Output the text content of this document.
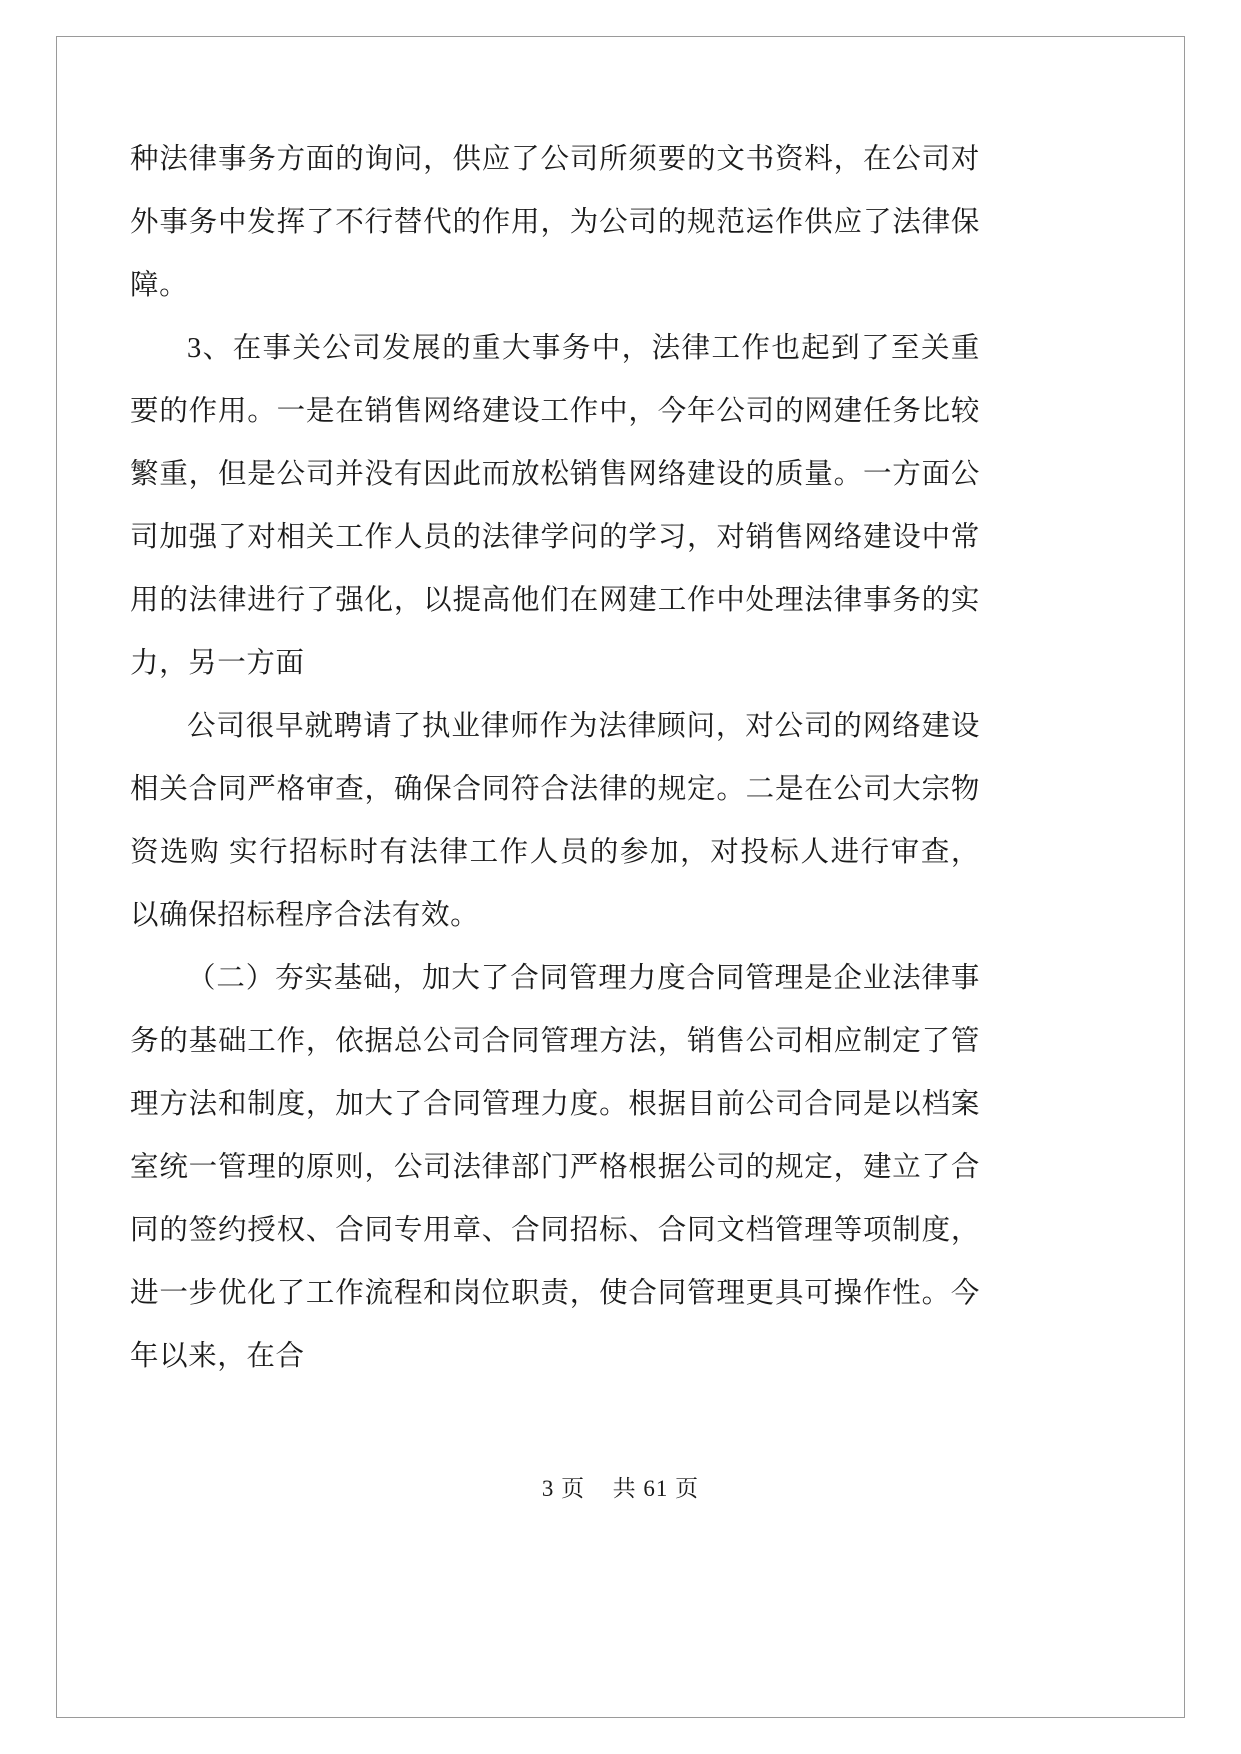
种法律事务方面的询问，供应了公司所须要的文书资料，在公司对外事务中发挥了不行替代的作用，为公司的规范运作供应了法律保障。

3、在事关公司发展的重大事务中，法律工作也起到了至关重要的作用。一是在销售网络建设工作中，今年公司的网建任务比较繁重，但是公司并没有因此而放松销售网络建设的质量。一方面公司加强了对相关工作人员的法律学问的学习，对销售网络建设中常用的法律进行了强化，以提高他们在网建工作中处理法律事务的实力，另一方面

公司很早就聘请了执业律师作为法律顾问，对公司的网络建设相关合同严格审查，确保合同符合法律的规定。二是在公司大宗物资选购 实行招标时有法律工作人员的参加，对投标人进行审查，以确保招标程序合法有效。

（二）夯实基础，加大了合同管理力度合同管理是企业法律事务的基础工作，依据总公司合同管理方法，销售公司相应制定了管理方法和制度，加大了合同管理力度。根据目前公司合同是以档案室统一管理的原则，公司法律部门严格根据公司的规定，建立了合同的签约授权、合同专用章、合同招标、合同文档管理等项制度，进一步优化了工作流程和岗位职责，使合同管理更具可操作性。今年以来，在合

3 页 共 61 页
